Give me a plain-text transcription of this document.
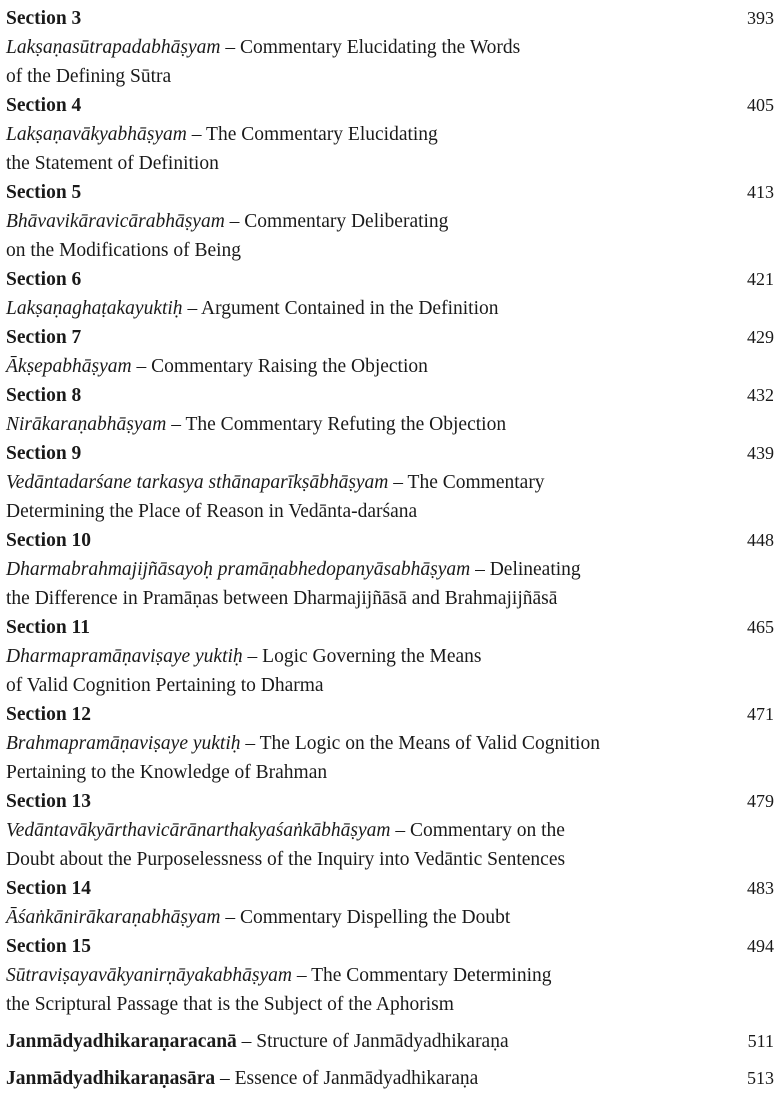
Section 3	393
Lakṣaṇasūtrapadabhāṣyam – Commentary Elucidating the Words
of the Defining Sūtra
Section 4	405
Lakṣaṇavākyabhāṣyam – The Commentary Elucidating
the Statement of Definition
Section 5	413
Bhāvavikāravicārabhāṣyam – Commentary Deliberating
on the Modifications of Being
Section 6	421
Lakṣaṇaghaṭakayuktiḥ – Argument Contained in the Definition
Section 7	429
Ākṣepabhāṣyam – Commentary Raising the Objection
Section 8	432
Nirākaraṇabhāṣyam – The Commentary Refuting the Objection
Section 9	439
Vedāntadarśane tarkasya sthānaparīkṣābhāṣyam – The Commentary
Determining the Place of Reason in Vedānta-darśana
Section 10	448
Dharmabrahmajijñāsayoḥ pramāṇabhedopanyāsabhāṣyam – Delineating
the Difference in Pramāṇas between Dharmajijñāsā and Brahmajijñāsā
Section 11	465
Dharmapramāṇaviṣaye yuktiḥ – Logic Governing the Means
of Valid Cognition Pertaining to Dharma
Section 12	471
Brahmapramāṇaviṣaye yuktiḥ – The Logic on the Means of Valid Cognition
Pertaining to the Knowledge of Brahman
Section 13	479
Vedāntavākyārthavicārānarthakyaśaṅkābhāṣyam – Commentary on the
Doubt about the Purposelessness of the Inquiry into Vedāntic Sentences
Section 14	483
Āśaṅkānirākaraṇabhāṣyam – Commentary Dispelling the Doubt
Section 15	494
Sūtraviṣayavākyanirṇāyakabhāṣyam – The Commentary Determining
the Scriptural Passage that is the Subject of the Aphorism
Janmādyadhikaraṇaracanā – Structure of Janmādyadhikaraṇa	511
Janmādyadhikaraṇasāra – Essence of Janmādyadhikaraṇa	513
